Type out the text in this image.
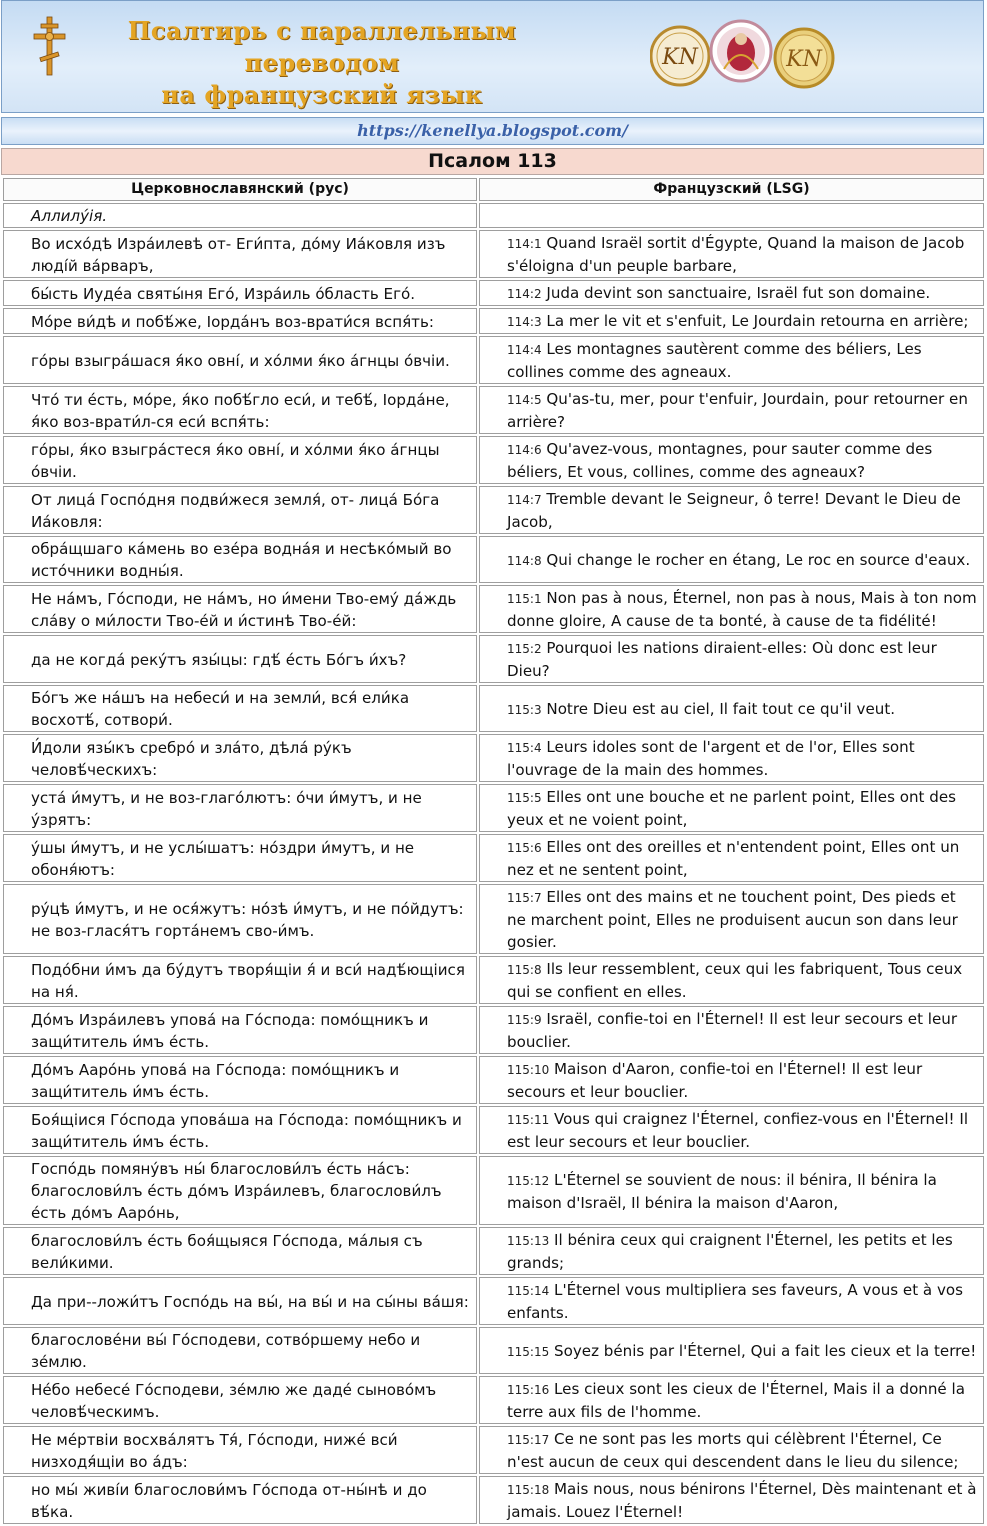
Псалтирь с параллельным переводом
на французский язык
KN	KN
https://kenellya.blogspot.com/
Псалом 113
Церковнославянский (рус)	Французский (LSG)
Аллилу́ія.	
Во исхо́дѣ Изра́илевѣ от- Еги́пта, до́му Иа́ковля изъ люді́й ва́рваръ,	114:1 Quand Israël sortit d'Égypte, Quand la maison de Jacob s'éloigna d'un peuple barbare,
бы́сть Иуде́а святы́ня Его́, Изра́иль о́бласть Его́.	114:2 Juda devint son sanctuaire, Israël fut son domaine.
Мо́ре ви́дѣ и побѣ́же, Іорда́нъ воз-врати́ся вспя́ть:	114:3 La mer le vit et s'enfuit, Le Jourdain retourna en arrière;
го́ры взыгра́шася я́ко овні́, и хо́лми я́ко а́гнцы о́вчіи.	114:4 Les montagnes sautèrent comme des béliers, Les collines comme des agneaux.
Что́ ти е́сть, мо́ре, я́ко побѣ́гло еси́, и тебѣ́, Іорда́не, я́ко воз-врати́л-ся еси́ вспя́ть:	114:5 Qu'as-tu, mer, pour t'enfuir, Jourdain, pour retourner en arrière?
го́ры, я́ко взыгра́стеся я́ко овні́, и хо́лми я́ко а́гнцы о́вчіи.	114:6 Qu'avez-vous, montagnes, pour sauter comme des béliers, Et vous, collines, comme des agneaux?
От лица́ Госпо́дня подви́жеся земля́, от- лица́ Бо́га Иа́ковля:	114:7 Tremble devant le Seigneur, ô terre! Devant le Dieu de Jacob,
обра́щшаго ка́мень во езе́ра водна́я и несѣко́мый во исто́чники водны́я.	114:8 Qui change le rocher en étang, Le roc en source d'eaux.
Не на́мъ, Го́споди, не на́мъ, но и́мени Тво-ему́ да́ждь сла́ву о ми́лости Тво-е́й и и́стинѣ Тво-е́й:	115:1 Non pas à nous, Éternel, non pas à nous, Mais à ton nom donne gloire, A cause de ta bonté, à cause de ta fidélité!
да не когда́ рекýтъ язы́цы: гдѣ́ е́сть Бо́гъ и́хъ?	115:2 Pourquoi les nations diraient-elles: Où donc est leur Dieu?
Бо́гъ же на́шъ на небеси́ и на земли́, вся́ ели́ка восхотѣ́, сотвори́.	115:3 Notre Dieu est au ciel, Il fait tout ce qu'il veut.
И́доли язы́къ сребро́ и зла́то, дѣла́ ру́къ человѣ́ческихъ:	115:4 Leurs idoles sont de l'argent et de l'or, Elles sont l'ouvrage de la main des hommes.
уста́ и́мутъ, и не воз-глаго́лютъ: о́чи и́мутъ, и не у́зрятъ:	115:5 Elles ont une bouche et ne parlent point, Elles ont des yeux et ne voient point,
у́шы и́мутъ, и не услы́шатъ: но́здри и́мутъ, и не обоня́ютъ:	115:6 Elles ont des oreilles et n'entendent point, Elles ont un nez et ne sentent point,
ру́цѣ и́мутъ, и не ося́жутъ: но́зѣ и́мутъ, и не по́йдутъ: не воз-глася́тъ горта́немъ сво-и́мъ.	115:7 Elles ont des mains et ne touchent point, Des pieds et ne marchent point, Elles ne produisent aucun son dans leur gosier.
Подо́бни и́мъ да бу́дутъ творя́щіи я́ и вси́ надѣ́ющіися на ня́.	115:8 Ils leur ressemblent, ceux qui les fabriquent, Tous ceux qui se confient en elles.
До́мъ Изра́илевъ упова́ на Го́спода: помо́щникъ и защи́титель и́мъ е́сть.	115:9 Israël, confie-toi en l'Éternel! Il est leur secours et leur bouclier.
До́мъ Ааро́нь упова́ на Го́спода: помо́щникъ и защи́титель и́мъ е́сть.	115:10 Maison d'Aaron, confie-toi en l'Éternel! Il est leur secours et leur bouclier.
Боя́щіися Го́спода упова́ша на Го́спода: помо́щникъ и защи́титель и́мъ е́сть.	115:11 Vous qui craignez l'Éternel, confiez-vous en l'Éternel! Il est leur secours et leur bouclier.
Госпо́дь помяну́въ ны́ благослови́лъ е́сть на́съ: благослови́лъ е́сть до́мъ Изра́илевъ, благослови́лъ е́сть до́мъ Ааро́нь,	115:12 L'Éternel se souvient de nous: il bénira, Il bénira la maison d'Israël, Il bénira la maison d'Aaron,
благослови́лъ е́сть боя́щыяся Го́спода, ма́лыя съ вели́кими.	115:13 Il bénira ceux qui craignent l'Éternel, les petits et les grands;
Да при--ложи́тъ Госпо́дь на вы́, на вы́ и на сы́ны ва́шя:	115:14 L'Éternel vous multipliera ses faveurs, A vous et à vos enfants.
благослове́ни вы́ Го́сподеви, сотво́ршему небо и зе́млю.	115:15 Soyez bénis par l'Éternel, Qui a fait les cieux et la terre!
Не́бо небесе́ Го́сподеви, зе́млю же даде́ сыново́мъ человѣ́ческимъ.	115:16 Les cieux sont les cieux de l'Éternel, Mais il a donné la terre aux fils de l'homme.
Не ме́ртвіи восхва́лятъ Тя́, Го́споди, ниже́ вси́ низходя́щіи во а́дъ:	115:17 Ce ne sont pas les morts qui célèbrent l'Éternel, Ce n'est aucun de ceux qui descendent dans le lieu du silence;
но мы́ живі́и благослови́мъ Го́спода от-ны́нѣ и до вѣ́ка.	115:18 Mais nous, nous bénirons l'Éternel, Dès maintenant et à jamais. Louez l'Éternel!
